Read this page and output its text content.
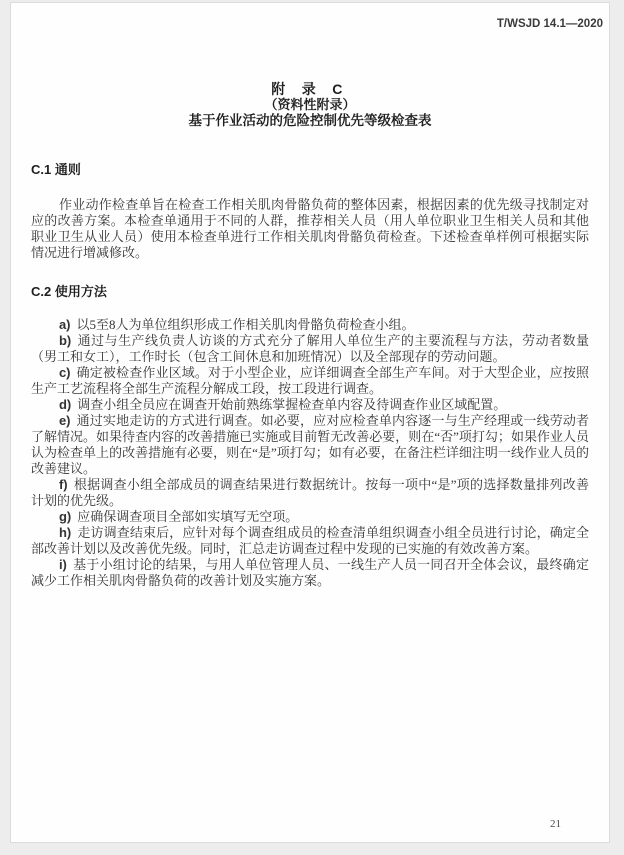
T/WSJD 14.1—2020
附 录 C
（资料性附录）
基于作业活动的危险控制优先等级检查表

C.1 通则

作业动作检查单旨在检查工作相关肌肉骨骼负荷的整体因素，根据因素的优先级寻找制定对应的改善方案。本检查单通用于不同的人群，推荐相关人员（用人单位职业卫生相关人员和其他职业卫生从业人员）使用本检查单进行工作相关肌肉骨骼负荷检查。下述检查单样例可根据实际情况进行增减修改。

C.2 使用方法

a) 以5至8人为单位组织形成工作相关肌肉骨骼负荷检查小组。

b) 通过与生产线负责人访谈的方式充分了解用人单位生产的主要流程与方法，劳动者数量（男工和女工），工作时长（包含工间休息和加班情况）以及全部现存的劳动问题。

c) 确定被检查作业区域。对于小型企业，应详细调查全部生产车间。对于大型企业，应按照生产工艺流程将全部生产流程分解成工段，按工段进行调查。

d) 调查小组全员应在调查开始前熟练掌握检查单内容及待调查作业区域配置。

e) 通过实地走访的方式进行调查。如必要，应对应检查单内容逐一与生产经理或一线劳动者了解情况。如果待查内容的改善措施已实施或目前暂无改善必要，则在“否”项打勾；如果作业人员认为检查单上的改善措施有必要，则在“是”项打勾；如有必要，在备注栏详细注明一线作业人员的改善建议。

f) 根据调查小组全部成员的调查结果进行数据统计。按每一项中“是”项的选择数量排列改善计划的优先级。

g) 应确保调查项目全部如实填写无空项。

h) 走访调查结束后，应针对每个调查组成员的检查清单组织调查小组全员进行讨论，确定全部改善计划以及改善优先级。同时，汇总走访调查过程中发现的已实施的有效改善方案。

i) 基于小组讨论的结果，与用人单位管理人员、一线生产人员一同召开全体会议，最终确定减少工作相关肌肉骨骼负荷的改善计划及实施方案。

21
